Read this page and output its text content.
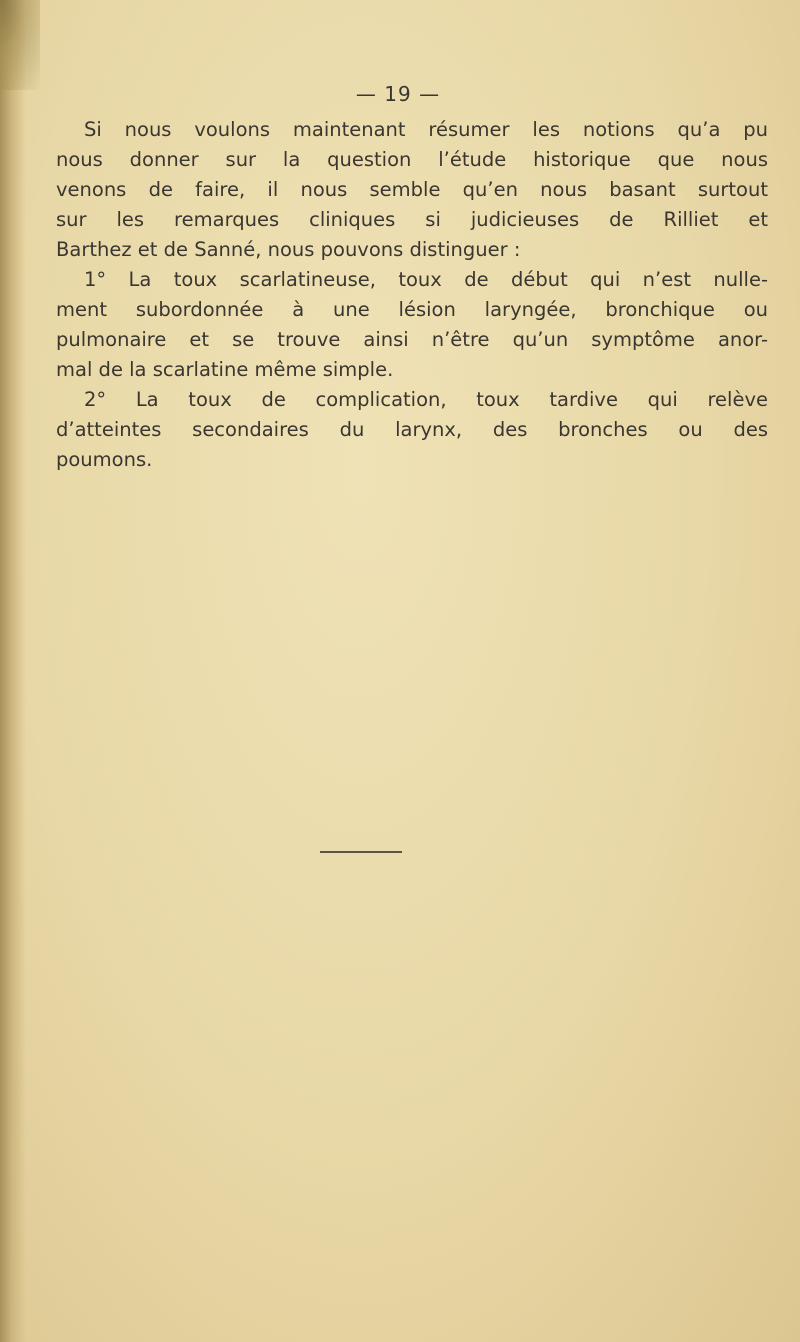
— 19 —
Si nous voulons maintenant résumer les notions qu’a pu
nous donner sur la question l’étude historique que nous
venons de faire, il nous semble qu’en nous basant surtout
sur les remarques cliniques si judicieuses de Rilliet et
Barthez et de Sanné, nous pouvons distinguer :
1° La toux scarlatineuse, toux de début qui n’est nulle-
ment subordonnée à une lésion laryngée, bronchique ou
pulmonaire et se trouve ainsi n’être qu’un symptôme anor-
mal de la scarlatine même simple.
2° La toux de complication, toux tardive qui relève
d’atteintes secondaires du larynx, des bronches ou des
poumons.
